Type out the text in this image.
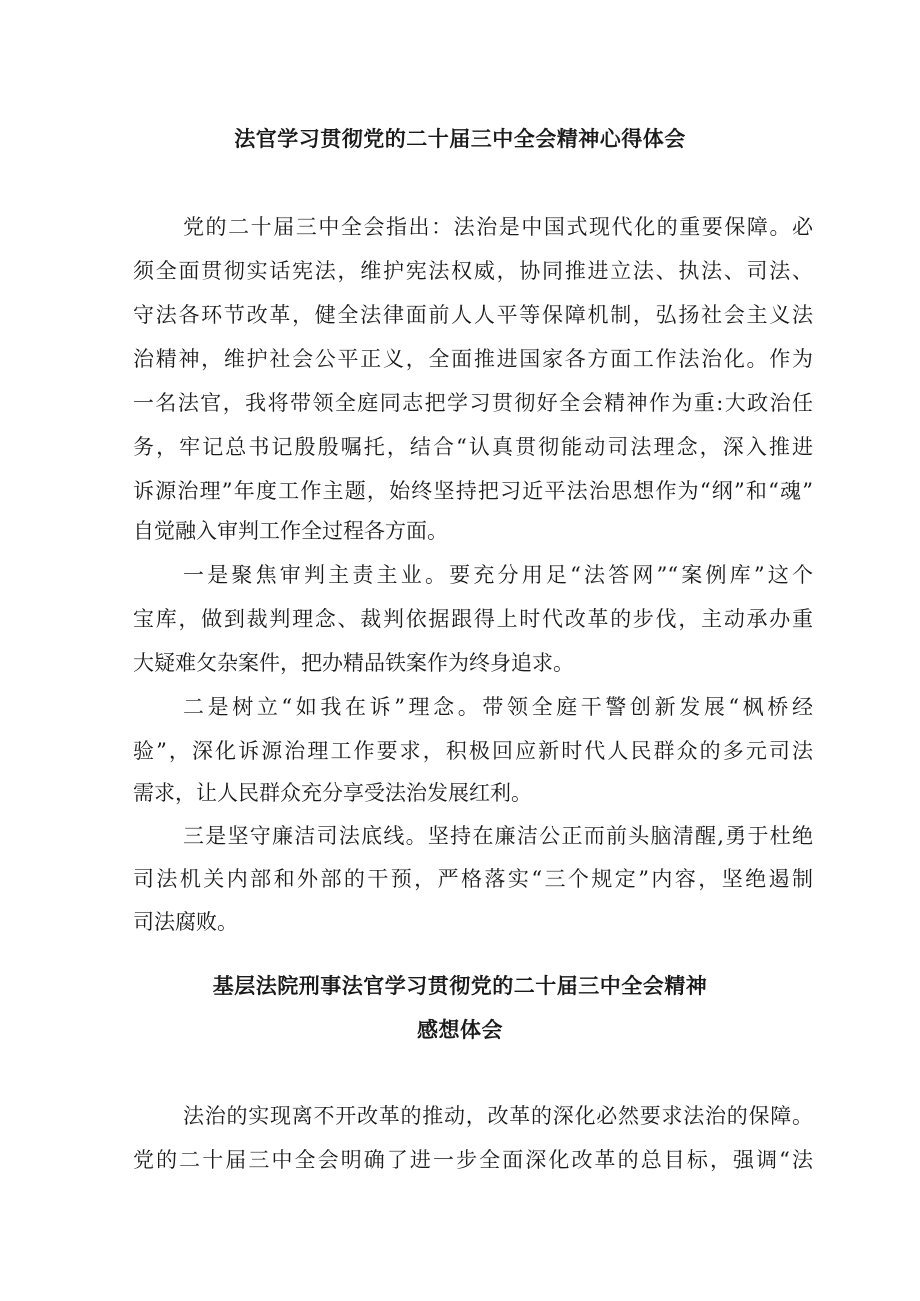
法官学习贯彻党的二十届三中全会精神心得体会

党的二十届三中全会指出：法治是中国式现代化的重要保障。必

须全面贯彻实话宪法，维护宪法权威，协同推进立法、执法、司法、

守法各环节改革，健全法律面前人人平等保障机制，弘扬社会主义法

治精神，维护社会公平正义，全面推进国家各方面工作法治化。作为

一名法官，我将带领全庭同志把学习贯彻好全会精神作为重:大政治任

务，牢记总书记殷殷嘱托，结合“认真贯彻能动司法理念，深入推进

诉源治理”年度工作主题，始终坚持把习近平法治思想作为“纲”和“魂”

自觉融入审判工作全过程各方面。

一是聚焦审判主责主业。要充分用足“法答网”“案例库”这个

宝库，做到裁判理念、裁判依据跟得上时代改革的步伐，主动承办重

大疑难攵杂案件，把办精品铁案作为终身追求。

二是树立“如我在诉”理念。带领全庭干警创新发展“枫桥经

验”，深化诉源治理工作要求，积极回应新时代人民群众的多元司法

需求，让人民群众充分享受法治发展红利。

三是坚守廉洁司法底线。坚持在廉洁公正而前头脑清醒,勇于杜绝

司法机关内部和外部的干预，严格落实“三个规定”内容，坚绝遏制

司法腐败。

基层法院刑事法官学习贯彻党的二十届三中全会精神
感想体会

法治的实现离不开改革的推动，改革的深化必然要求法治的保障。

党的二十届三中全会明确了进一步全面深化改革的总目标，强调“法
